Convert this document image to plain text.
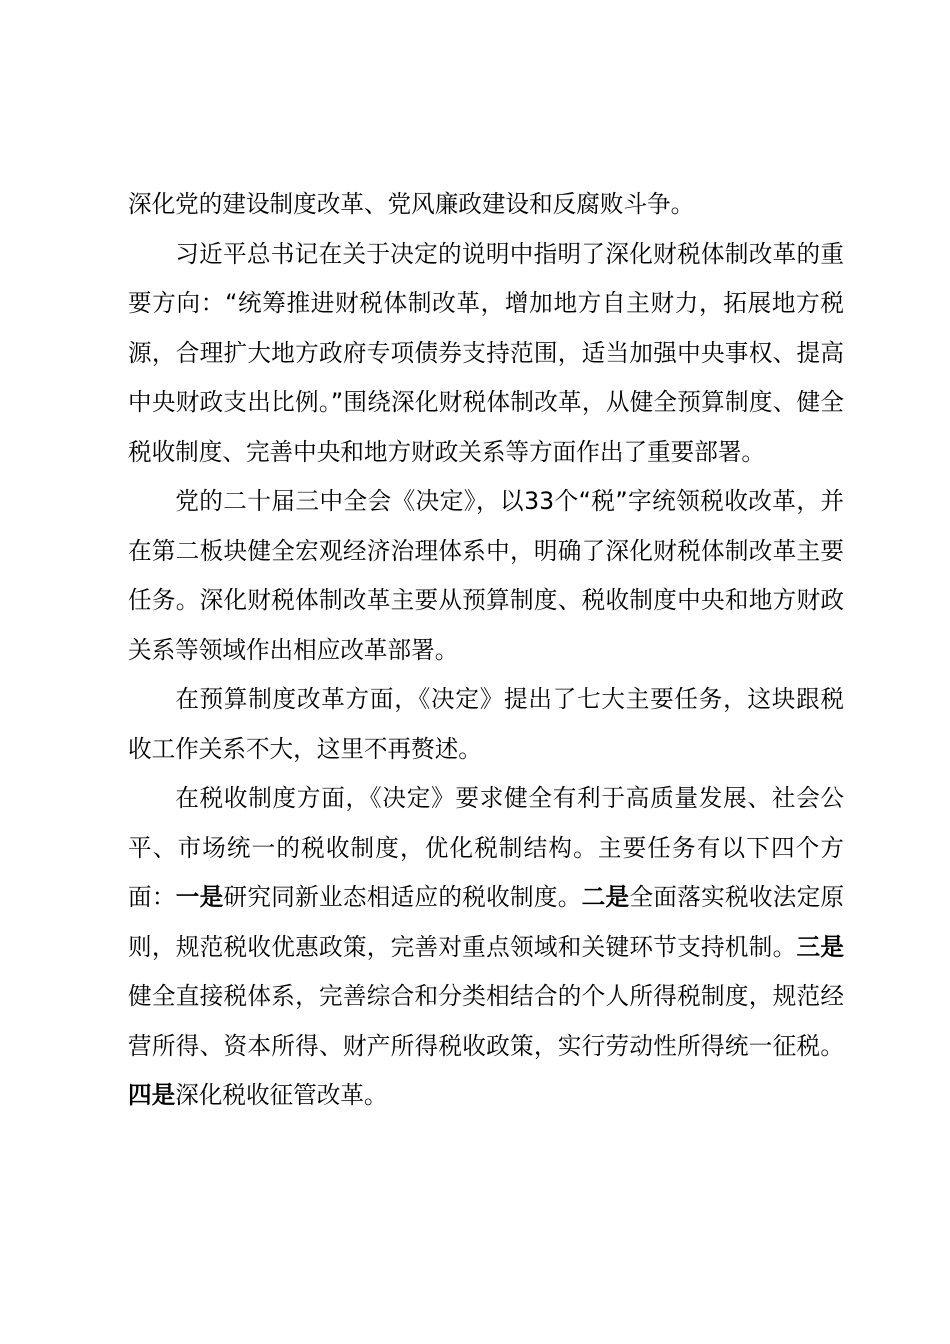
深化党的建设制度改革、党风廉政建设和反腐败斗争。

习近平总书记在关于决定的说明中指明了深化财税体制改革的重要方向：“统筹推进财税体制改革，增加地方自主财力，拓展地方税源，合理扩大地方政府专项债券支持范围，适当加强中央事权、提高中央财政支出比例。”围绕深化财税体制改革，从健全预算制度、健全税收制度、完善中央和地方财政关系等方面作出了重要部署。

党的二十届三中全会《决定》，以33个“税”字统领税收改革，并在第二板块健全宏观经济治理体系中，明确了深化财税体制改革主要任务。深化财税体制改革主要从预算制度、税收制度中央和地方财政关系等领域作出相应改革部署。

在预算制度改革方面，《决定》提出了七大主要任务，这块跟税收工作关系不大，这里不再赘述。

在税收制度方面，《决定》要求健全有利于高质量发展、社会公平、市场统一的税收制度，优化税制结构。主要任务有以下四个方面：一是研究同新业态相适应的税收制度。二是全面落实税收法定原则，规范税收优惠政策，完善对重点领域和关键环节支持机制。三是健全直接税体系，完善综合和分类相结合的个人所得税制度，规范经营所得、资本所得、财产所得税收政策，实行劳动性所得统一征税。四是深化税收征管改革。
